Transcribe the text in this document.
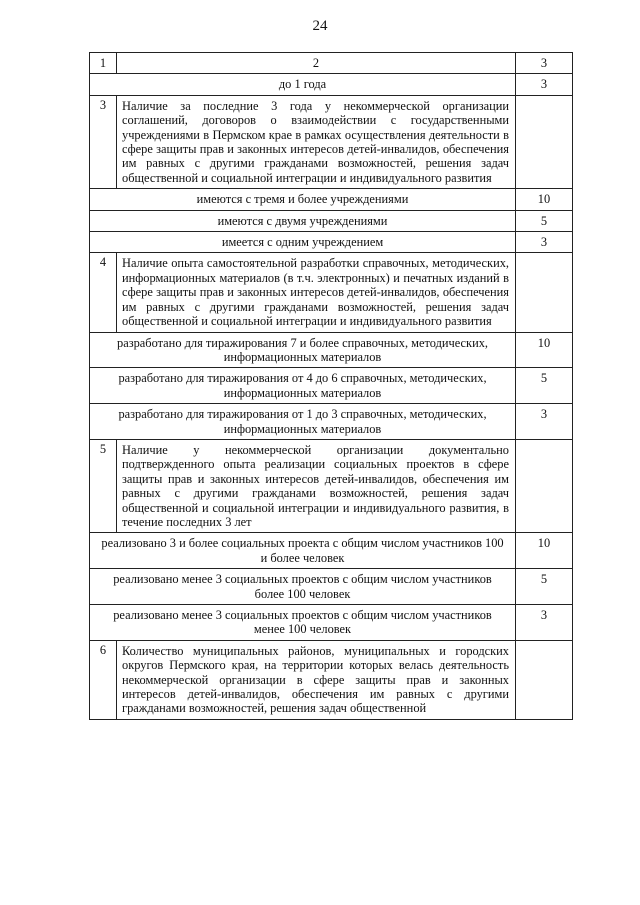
24
1	2	3
до 1 года		3
3	Наличие за последние 3 года у некоммерческой организации соглашений, договоров о взаимодействии с государственными учреждениями в Пермском крае в рамках осуществления деятельности в сфере защиты прав и законных интересов детей-инвалидов, обеспечения им равных с другими гражданами возможностей, решения задач общественной и социальной интеграции и индивидуального развития	
имеются с тремя и более учреждениями		10
имеются с двумя учреждениями		5
имеется с одним учреждением		3
4	Наличие опыта самостоятельной разработки справочных, методических, информационных материалов (в т.ч. электронных) и печатных изданий в сфере защиты прав и законных интересов детей-инвалидов, обеспечения им равных с другими гражданами возможностей, решения задач общественной и социальной интеграции и индивидуального развития	
разработано для тиражирования 7 и более справочных, методических, информационных материалов		10
разработано для тиражирования от 4 до 6 справочных, методических, информационных материалов		5
разработано для тиражирования от 1 до 3 справочных, методических, информационных материалов		3
5	Наличие у некоммерческой организации документально подтвержденного опыта реализации социальных проектов в сфере защиты прав и законных интересов детей-инвалидов, обеспечения им равных с другими гражданами возможностей, решения задач общественной и социальной интеграции и индивидуального развития, в течение последних 3 лет	
реализовано 3 и более социальных проекта с общим числом участников 100 и более человек		10
реализовано менее 3 социальных проектов с общим числом участников более 100 человек		5
реализовано менее 3 социальных проектов с общим числом участников менее 100 человек		3
6	Количество муниципальных районов, муниципальных и городских округов Пермского края, на территории которых велась деятельность некоммерческой организации в сфере защиты прав и законных интересов детей-инвалидов, обеспечения им равных с другими гражданами возможностей, решения задач общественной	
